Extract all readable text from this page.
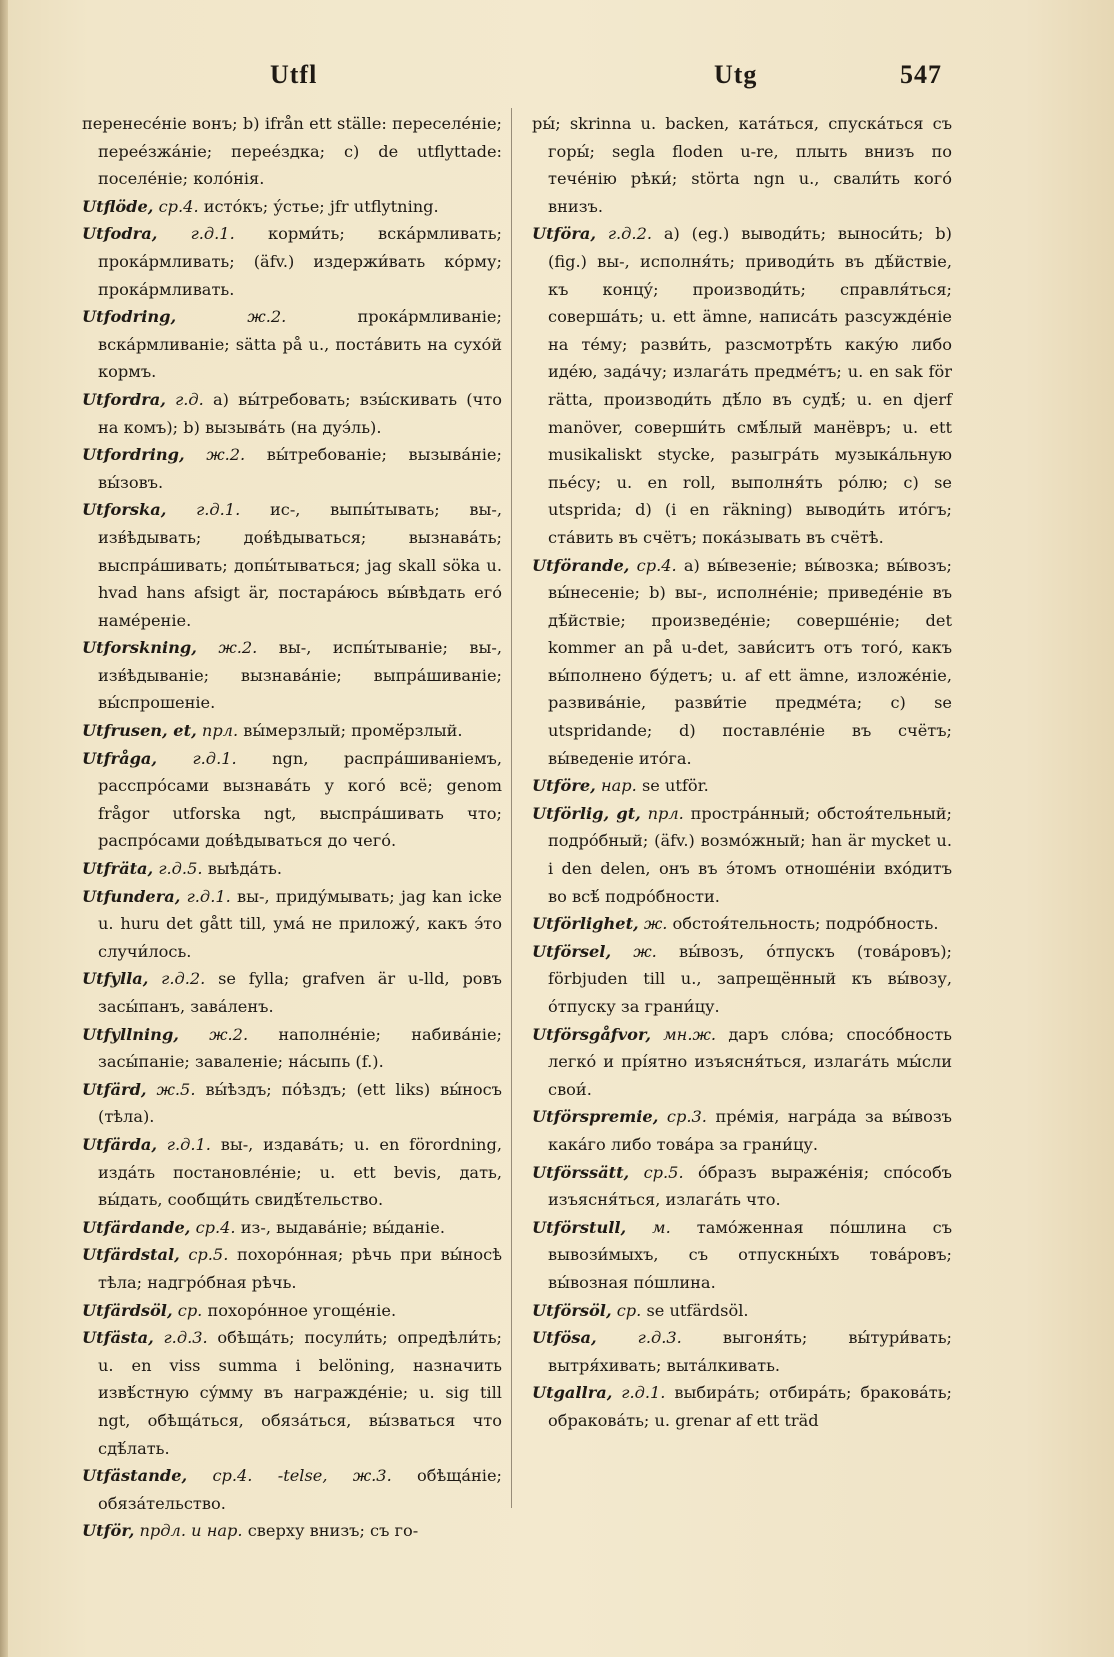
Utfl	Utg	547

перенесе́ніе вонъ; b) ifrån ett ställe: переселе́ніе; перее́зжа́ніе; перее́здка; c) de utflyttade: поселе́ніе; коло́нія.

Utflöde, ср.4. исто́къ; у́стье; jfr utflytning.

Utfodra, г.д.1. корми́ть; вска́рмливать; прока́рмливать; (äfv.) издержи́вать ко́рму; прока́рмливать.

Utfodring,	ж.2.	прока́рмливаніе; вска́рмливаніе; sätta på u., поста́вить на сухо́й кормъ.

Utfordra, г.д. a) вы́требовать; взы́скивать (что на комъ); b) вызыва́ть (на дуэ́ль).

Utfordring, ж.2. вы́требованіе; вызыва́ніе; вы́зовъ.

Utforska, г.д.1. ис-, выпы́тывать; вы-, изв́ѣдывать; дов́ѣдываться; вызнава́ть; выспра́шивать; допы́тываться; jag skall söka u. hvad hans afsigt är, постара́юсь вы́вѣдать его́ наме́реніе.

Utforskning, ж.2. вы-, испы́тываніе; вы-, изв́ѣдываніе; вызнава́ніе; выпра́шиваніе; вы́спрошеніе.

Utfrusen, et, прл. вы́мерзлый; промё́рзлый.

Utfråga, г.д.1. ngn, распра́шиваніемъ, расспро́сами вызнава́ть у кого́ всё; genom frågor utforska ngt, выспра́шивать что; распро́сами дов́ѣдываться до чего́.

Utfräta, г.д.5. выѣда́ть.

Utfundera, г.д.1. вы-, приду́мывать; jag kan icke u. huru det gått till, ума́ не приложу́, какъ э́то случи́лось.

Utfylla, г.д.2. se fylla; grafven är u-lld, ровъ засы́панъ, зава́ленъ.

Utfyllning, ж.2. наполне́ніе; набива́ніе; засы́паніе; заваленіе; на́сыпь (f.).

Utfärd, ж.5. вы́ѣздъ; по́ѣздъ; (ett liks) вы́носъ (тѣла).

Utfärda, г.д.1. вы-, издава́ть; u. en förordning, изда́ть постановле́ніе; u. ett bevis, дать, вы́дать, сообщи́ть свидѣ́тельство.

Utfärdande, ср.4. из-, выдава́ніе; вы́даніе.

Utfärdstal, ср.5. похоро́нная; рѣчь при вы́носѣ тѣла; надгро́бная рѣчь.

Utfärdsöl, ср. похоро́нное угоще́ніе.

Utfästa, г.д.3. обѣща́ть; посули́ть; опредѣли́ть; u. en viss summa i belöning, назначить извѣ́стную су́мму въ награжде́ніе; u. sig till ngt, обѣща́ться, обяза́ться, вы́зваться что сдѣ́лать.

Utfästande, ср.4. -telse, ж.3. обѣща́ніе; обяза́тельство.

Utför, прдл. и нар. сверху внизъ; съ го-

ры́; skrinna u. backen, ката́ться, спуска́ться съ горы́; segla floden u-re, плыть внизъ по тече́нію рѣки́; störta ngn u., свали́ть кого́ внизъ.

Utföra, г.д.2. a) (eg.) выводи́ть; выноси́ть; b) (fig.) вы-, исполня́ть; приводи́ть въ дѣ́йствіе, къ концу́; производи́ть; справля́ться; соверша́ть; u. ett ämne, написа́ть разсужде́ніе на те́му; разви́ть, разсмотрѣ́ть каку́ю либо иде́ю, зада́чу; излага́ть предме́тъ; u. en sak för rätta, производи́ть дѣ́ло въ судѣ́; u. en djerf manöver, соверши́ть смѣ́лый манёвръ; u. ett musikaliskt stycke, разыгра́ть музыка́льную пье́су; u. en roll, выполня́ть ро́лю; c) se utsprida; d) (i en räkning) выводи́ть ито́гъ; ста́вить въ счётъ; пока́зывать въ счётѣ.

Utförande, ср.4. a) вы́везеніе; вы́возка; вы́возъ; вы́несеніе; b) вы-, исполне́ніе; приведе́ніе въ дѣ́йствіе; произведе́ніе; соверше́ніе; det kommer an på u-det, зави́ситъ отъ того́, какъ вы́полнено бу́детъ; u. af ett ämne, изложе́ніе, развива́ніе, разви́тіе предме́та; c) se utspridande; d) поставле́ніе въ счётъ; вы́веденіе ито́га.

Utföre, нар. se utför.

Utförlig, gt, прл. простра́нный; обстоя́тельный; подро́бный; (äfv.) возмо́жный; han är mycket u. i den delen, онъ въ э́томъ отноше́ніи вхо́дитъ во всѣ́ подро́бности.

Utförlighet, ж. обстоя́тельность; подро́бность.

Utförsel, ж. вы́возъ, о́тпускъ (това́ровъ); förbjuden till u., запрещённый къ вы́возу, о́тпуску за грани́цу.

Utförsgåfvor, мн.ж. даръ сло́ва; спосо́бность легко́ и прі́ятно изъясня́ться, излага́ть мы́сли свои́.

Utförspremie, ср.3. пре́мія, награ́да за вы́возъ кака́го либо това́ра за грани́цу.

Utförssätt, ср.5. о́бразъ выраже́нія; спо́собъ изъясня́ться, излага́ть что.

Utförstull, м. тамо́женная по́шлина съ вывози́мыхъ, съ отпускны́хъ това́ровъ; вы́возная по́шлина.

Utförsöl, ср. se utfärdsöl.

Utfösa,	г.д.3.	выгоня́ть; вы́тури́вать; вытря́хивать; выта́лкивать.

Utgallra, г.д.1. выбира́ть; отбира́ть; бракова́ть; обракова́ть; u. grenar af ett träd
